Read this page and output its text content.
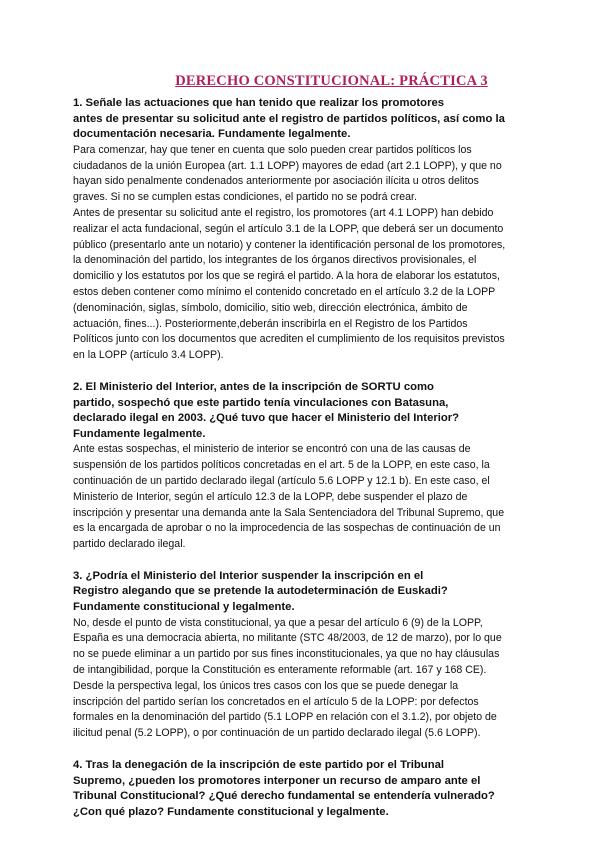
DERECHO CONSTITUCIONAL: PRÁCTICA 3

1. Señale las actuaciones que han tenido que realizar los promotores
antes de presentar su solicitud ante el registro de partidos políticos, así como la
documentación necesaria. Fundamente legalmente.

Para comenzar, hay que tener en cuenta que solo pueden crear partidos políticos los
ciudadanos de la unión Europea (art. 1.1 LOPP) mayores de edad (art 2.1 LOPP), y que no
hayan sido penalmente condenados anteriormente por asociación ilícita u otros delitos
graves. Si no se cumplen estas condiciones, el partido no se podrá crear.
Antes de presentar su solicitud ante el registro, los promotores (art 4.1 LOPP) han debido
realizar el acta fundacional, según el artículo 3.1 de la LOPP, que deberá ser un documento
público (presentarlo ante un notario) y contener la identificación personal de los promotores,
la denominación del partido, los integrantes de los órganos directivos provisionales, el
domicilio y los estatutos por los que se regirá el partido. A la hora de elaborar los estatutos,
estos deben contener como mínimo el contenido concretado en el artículo 3.2 de la LOPP
(denominación, siglas, símbolo, domicilio, sitio web, dirección electrónica, ámbito de
actuación, fines...). Posteriormente,deberán inscribirla en el Registro de los Partidos
Políticos junto con los documentos que acrediten el cumplimiento de los requisitos previstos
en la LOPP (artículo 3.4 LOPP).

2. El Ministerio del Interior, antes de la inscripción de SORTU como
partido, sospechó que este partido tenía vinculaciones con Batasuna,
declarado ilegal en 2003. ¿Qué tuvo que hacer el Ministerio del Interior?
Fundamente legalmente.

Ante estas sospechas, el ministerio de interior se encontró con una de las causas de
suspensión de los partidos políticos concretadas en el art. 5 de la LOPP, en este caso, la
continuación de un partido declarado ilegal (artículo 5.6 LOPP y 12.1 b). En este caso, el
Ministerio de Interior, según el artículo 12.3 de la LOPP, debe suspender el plazo de
inscripción y presentar una demanda ante la Sala Sentenciadora del Tribunal Supremo, que
es la encargada de aprobar o no la improcedencia de las sospechas de continuación de un
partido declarado ilegal.

3. ¿Podría el Ministerio del Interior suspender la inscripción en el
Registro alegando que se pretende la autodeterminación de Euskadi?
Fundamente constitucional y legalmente.

No, desde el punto de vista constitucional, ya que a pesar del artículo 6 (9) de la LOPP,
España es una democracia abierta, no militante (STC 48/2003, de 12 de marzo), por lo que
no se puede eliminar a un partido por sus fines inconstitucionales, ya que no hay cláusulas
de intangibilidad, porque la Constitución es enteramente reformable (art. 167 y 168 CE).
Desde la perspectiva legal, los únicos tres casos con los que se puede denegar la
inscripción del partido serían los concretados en el artículo 5 de la LOPP: por defectos
formales en la denominación del partido (5.1 LOPP en relación con el 3.1.2), por objeto de
ilicitud penal (5.2 LOPP), o por continuación de un partido declarado ilegal (5.6 LOPP).

4. Tras la denegación de la inscripción de este partido por el Tribunal
Supremo, ¿pueden los promotores interponer un recurso de amparo ante el
Tribunal Constitucional? ¿Qué derecho fundamental se entendería vulnerado?
¿Con qué plazo? Fundamente constitucional y legalmente.
